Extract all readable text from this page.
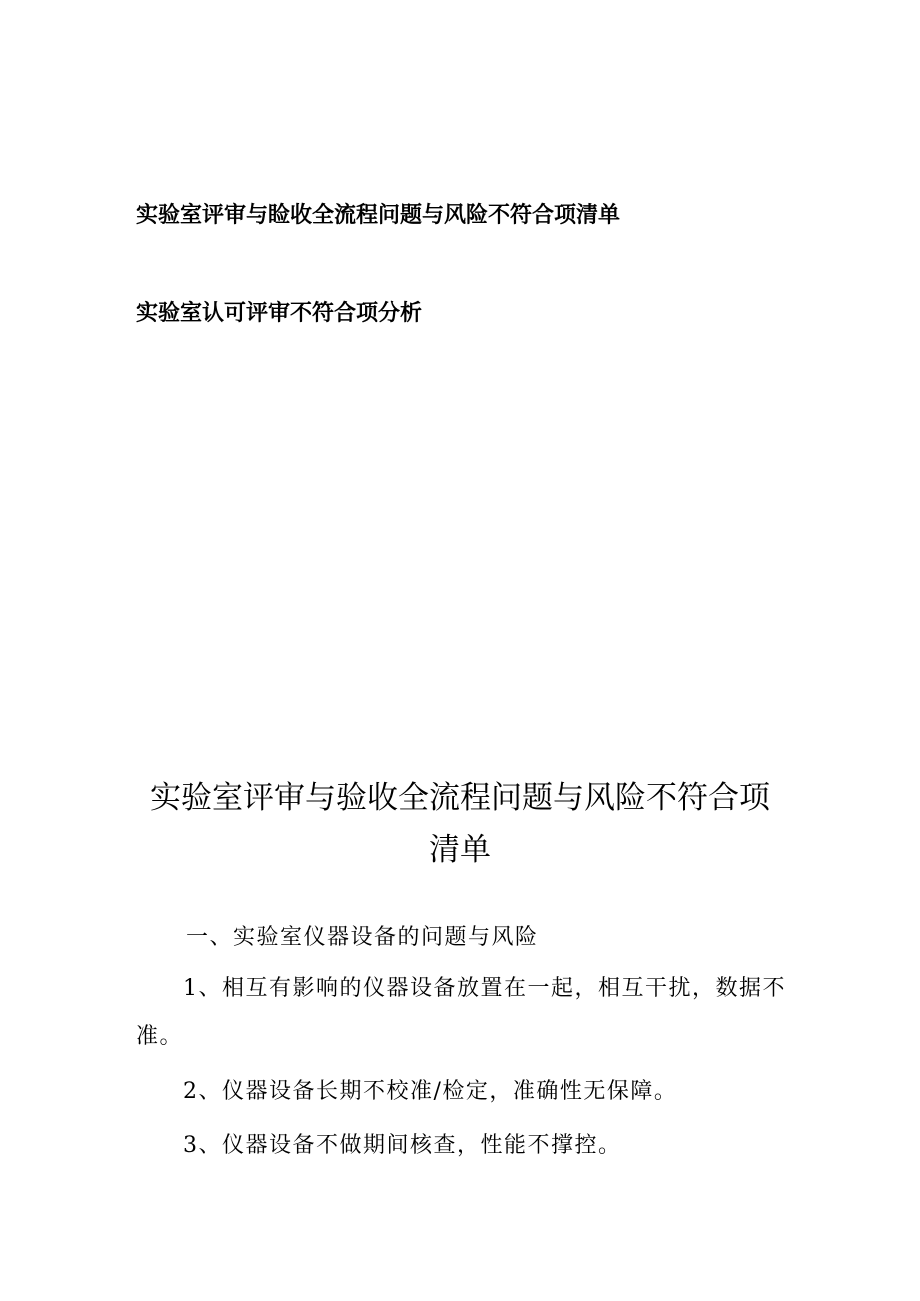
实验室评审与睑收全流程问题与风险不符合项清单
实验室认可评审不符合项分析
实验室评审与验收全流程问题与风险不符合项
清单
一、实验室仪器设备的问题与风险
1、相互有影响的仪器设备放置在一起，相互干扰，数据不
准。
2、仪器设备长期不校准/检定，准确性无保障。
3、仪器设备不做期间核查，性能不撑控。
